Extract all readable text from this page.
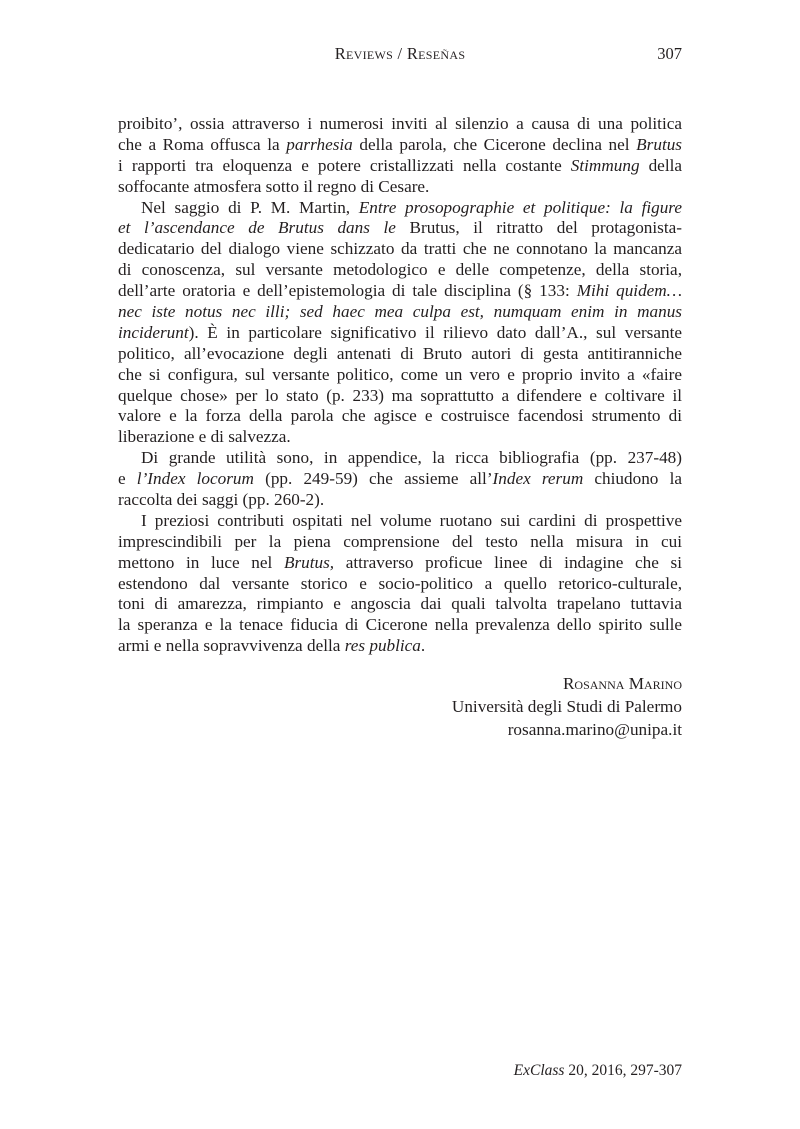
Reviews / Reseñas	307
proibito’, ossia attraverso i numerosi inviti al silenzio a causa di una politica
che a Roma offusca la parrhesia della parola, che Cicerone declina nel Brutus
i rapporti tra eloquenza e potere cristallizzati nella costante Stimmung della
soffocante atmosfera sotto il regno di Cesare.
Nel saggio di P. M. Martin, Entre prosopographie et politique: la figure
et l’ascendance de Brutus dans le Brutus, il ritratto del protagonista-
dedicatario del dialogo viene schizzato da tratti che ne connotano la mancanza
di conoscenza, sul versante metodologico e delle competenze, della storia,
dell’arte oratoria e dell’epistemologia di tale disciplina (§ 133: Mihi quidem…
nec iste notus nec illi; sed haec mea culpa est, numquam enim in manus
inciderunt). È in particolare significativo il rilievo dato dall’A., sul versante
politico, all’evocazione degli antenati di Bruto autori di gesta antitiranniche
che si configura, sul versante politico, come un vero e proprio invito a «faire
quelque chose» per lo stato (p. 233) ma soprattutto a difendere e coltivare il
valore e la forza della parola che agisce e costruisce facendosi strumento di
liberazione e di salvezza.
Di grande utilità sono, in appendice, la ricca bibliografia (pp. 237-48)
e l’Index locorum (pp. 249-59) che assieme all’Index rerum chiudono la
raccolta dei saggi (pp. 260-2).
I preziosi contributi ospitati nel volume ruotano sui cardini di prospettive
imprescindibili per la piena comprensione del testo nella misura in cui
mettono in luce nel Brutus, attraverso proficue linee di indagine che si
estendono dal versante storico e socio-politico a quello retorico-culturale,
toni di amarezza, rimpianto e angoscia dai quali talvolta trapelano tuttavia
la speranza e la tenace fiducia di Cicerone nella prevalenza dello spirito sulle
armi e nella sopravvivenza della res publica.
Rosanna Marino
Università degli Studi di Palermo
rosanna.marino@unipa.it
ExClass 20, 2016, 297-307
